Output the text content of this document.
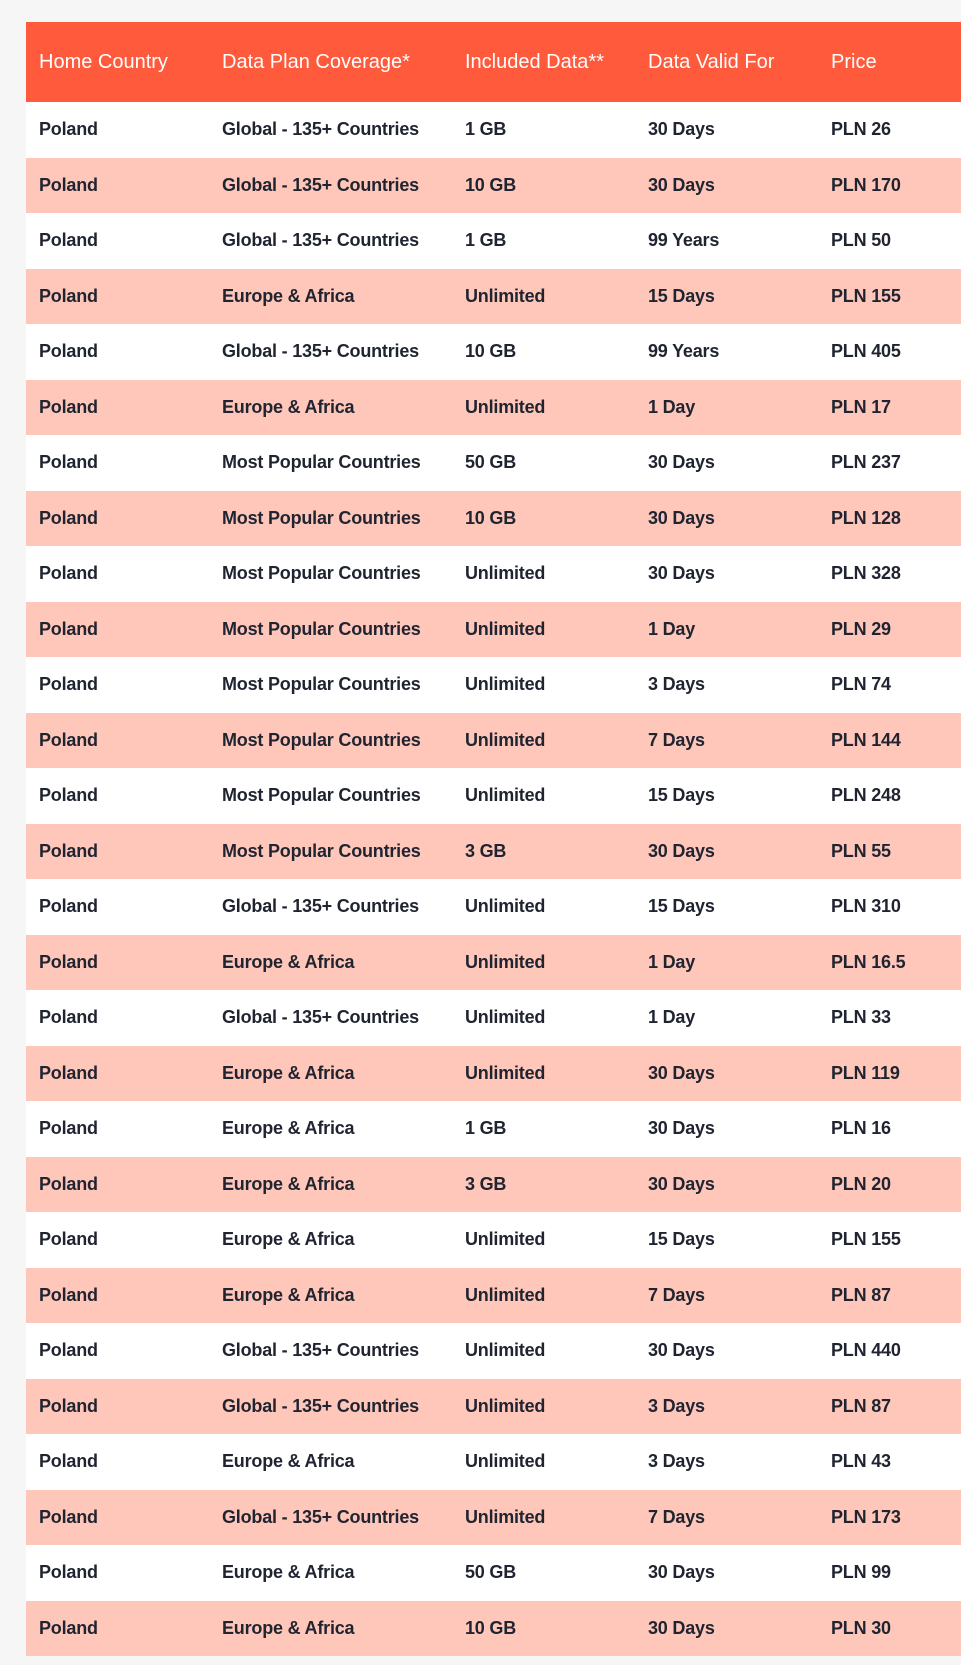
Home Country	Data Plan Coverage*	Included Data**	Data Valid For	Price
Poland	Global - 135+ Countries	1 GB	30 Days	PLN 26
Poland	Global - 135+ Countries	10 GB	30 Days	PLN 170
Poland	Global - 135+ Countries	1 GB	99 Years	PLN 50
Poland	Europe & Africa	Unlimited	15 Days	PLN 155
Poland	Global - 135+ Countries	10 GB	99 Years	PLN 405
Poland	Europe & Africa	Unlimited	1 Day	PLN 17
Poland	Most Popular Countries	50 GB	30 Days	PLN 237
Poland	Most Popular Countries	10 GB	30 Days	PLN 128
Poland	Most Popular Countries	Unlimited	30 Days	PLN 328
Poland	Most Popular Countries	Unlimited	1 Day	PLN 29
Poland	Most Popular Countries	Unlimited	3 Days	PLN 74
Poland	Most Popular Countries	Unlimited	7 Days	PLN 144
Poland	Most Popular Countries	Unlimited	15 Days	PLN 248
Poland	Most Popular Countries	3 GB	30 Days	PLN 55
Poland	Global - 135+ Countries	Unlimited	15 Days	PLN 310
Poland	Europe & Africa	Unlimited	1 Day	PLN 16.5
Poland	Global - 135+ Countries	Unlimited	1 Day	PLN 33
Poland	Europe & Africa	Unlimited	30 Days	PLN 119
Poland	Europe & Africa	1 GB	30 Days	PLN 16
Poland	Europe & Africa	3 GB	30 Days	PLN 20
Poland	Europe & Africa	Unlimited	15 Days	PLN 155
Poland	Europe & Africa	Unlimited	7 Days	PLN 87
Poland	Global - 135+ Countries	Unlimited	30 Days	PLN 440
Poland	Global - 135+ Countries	Unlimited	3 Days	PLN 87
Poland	Europe & Africa	Unlimited	3 Days	PLN 43
Poland	Global - 135+ Countries	Unlimited	7 Days	PLN 173
Poland	Europe & Africa	50 GB	30 Days	PLN 99
Poland	Europe & Africa	10 GB	30 Days	PLN 30
